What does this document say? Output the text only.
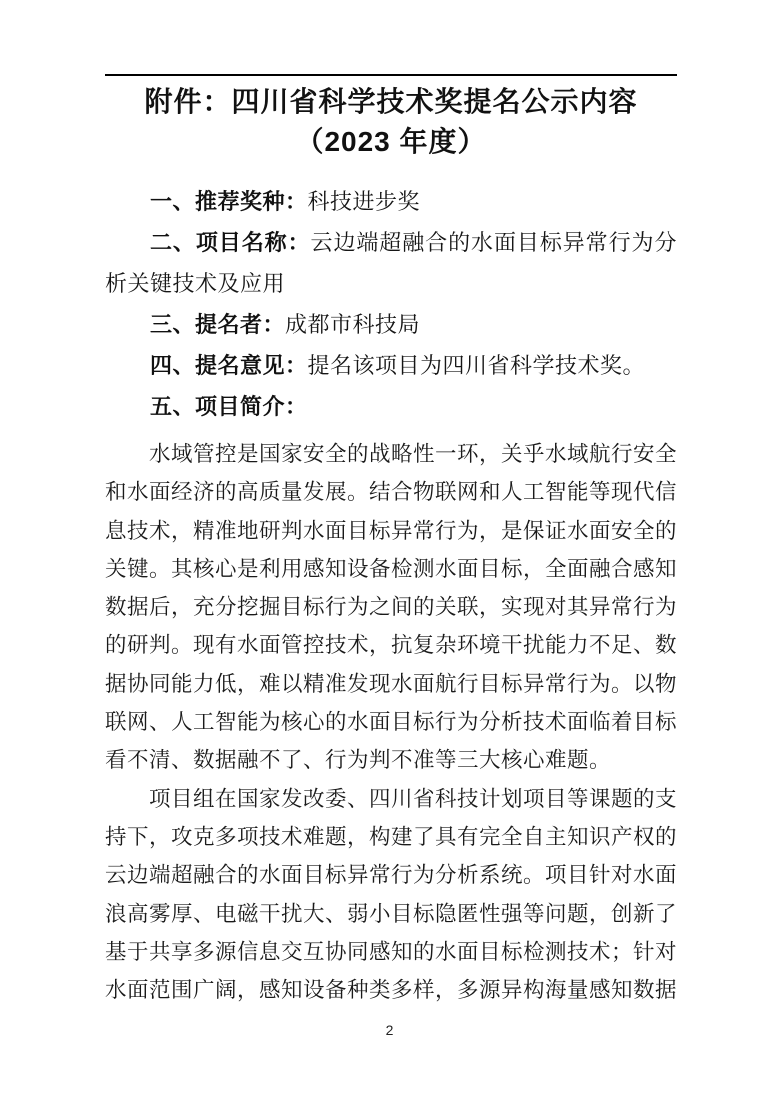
附件：四川省科学技术奖提名公示内容
（2023 年度）

一、推荐奖种：科技进步奖

二、项目名称：云边端超融合的水面目标异常行为分析关键技术及应用

三、提名者：成都市科技局

四、提名意见：提名该项目为四川省科学技术奖。

五、项目简介：

水域管控是国家安全的战略性一环，关乎水域航行安全和水面经济的高质量发展。结合物联网和人工智能等现代信息技术，精准地研判水面目标异常行为，是保证水面安全的关键。其核心是利用感知设备检测水面目标，全面融合感知数据后，充分挖掘目标行为之间的关联，实现对其异常行为的研判。现有水面管控技术，抗复杂环境干扰能力不足、数据协同能力低，难以精准发现水面航行目标异常行为。以物联网、人工智能为核心的水面目标行为分析技术面临着目标看不清、数据融不了、行为判不准等三大核心难题。

项目组在国家发改委、四川省科技计划项目等课题的支持下，攻克多项技术难题，构建了具有完全自主知识产权的云边端超融合的水面目标异常行为分析系统。项目针对水面浪高雾厚、电磁干扰大、弱小目标隐匿性强等问题，创新了基于共享多源信息交互协同感知的水面目标检测技术；针对水面范围广阔，感知设备种类多样，多源异构海量感知数据

2
